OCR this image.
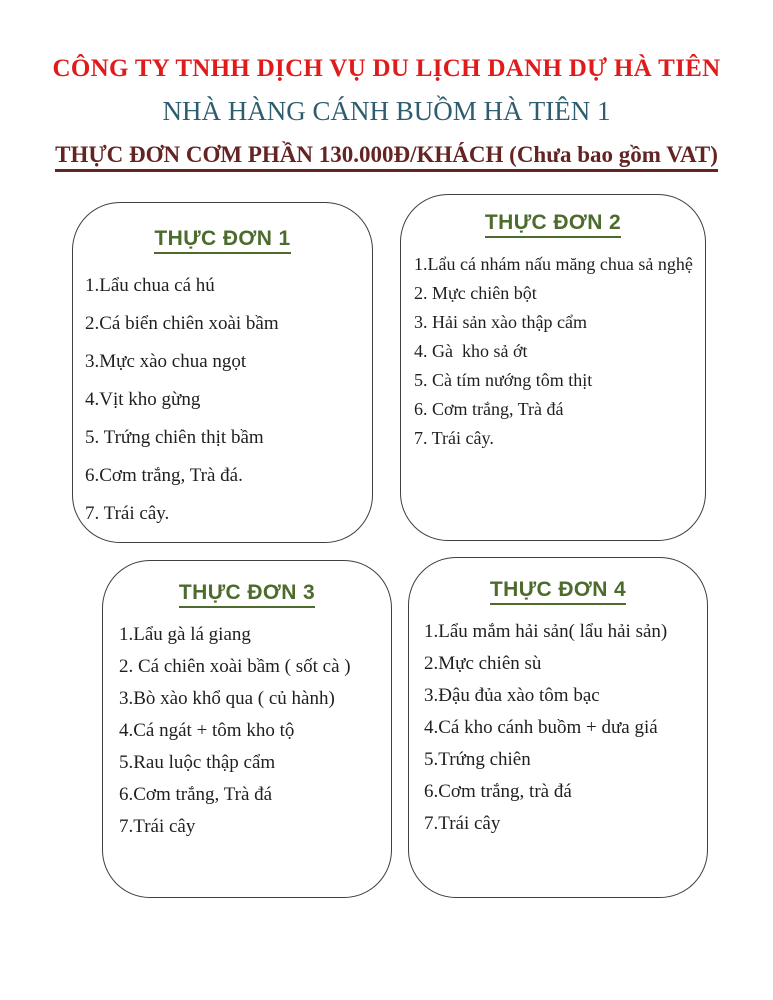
CÔNG TY TNHH DỊCH VỤ DU LỊCH DANH DỰ HÀ TIÊN
NHÀ HÀNG CÁNH BUỒM HÀ TIÊN 1
THỰC ĐƠN CƠM PHẦN 130.000Đ/KHÁCH (Chưa bao gồm VAT)
THỰC ĐƠN 1
1.Lẩu chua cá hú
2.Cá biển chiên xoài bầm
3.Mực xào chua ngọt
4.Vịt kho gừng
5. Trứng chiên thịt bầm
6.Cơm trắng, Trà đá.
7. Trái cây.
THỰC ĐƠN 2
1.Lẩu cá nhám nấu măng chua sả nghệ
2. Mực chiên bột
3. Hải sản xào thập cẩm
4. Gà  kho sả ớt
5. Cà tím nướng tôm thịt
6. Cơm trắng, Trà đá
7. Trái cây.
THỰC ĐƠN 3
1.Lẩu gà lá giang
2. Cá chiên xoài bầm ( sốt cà )
3.Bò xào khổ qua ( củ hành)
4.Cá ngát + tôm kho tộ
5.Rau luộc thập cẩm
6.Cơm trắng, Trà đá
7.Trái cây
THỰC ĐƠN 4
1.Lẩu mắm hải sản( lẩu hải sản)
2.Mực chiên sù
3.Đậu đủa xào tôm bạc
4.Cá kho cánh buồm + dưa giá
5.Trứng chiên
6.Cơm trắng, trà đá
7.Trái cây
